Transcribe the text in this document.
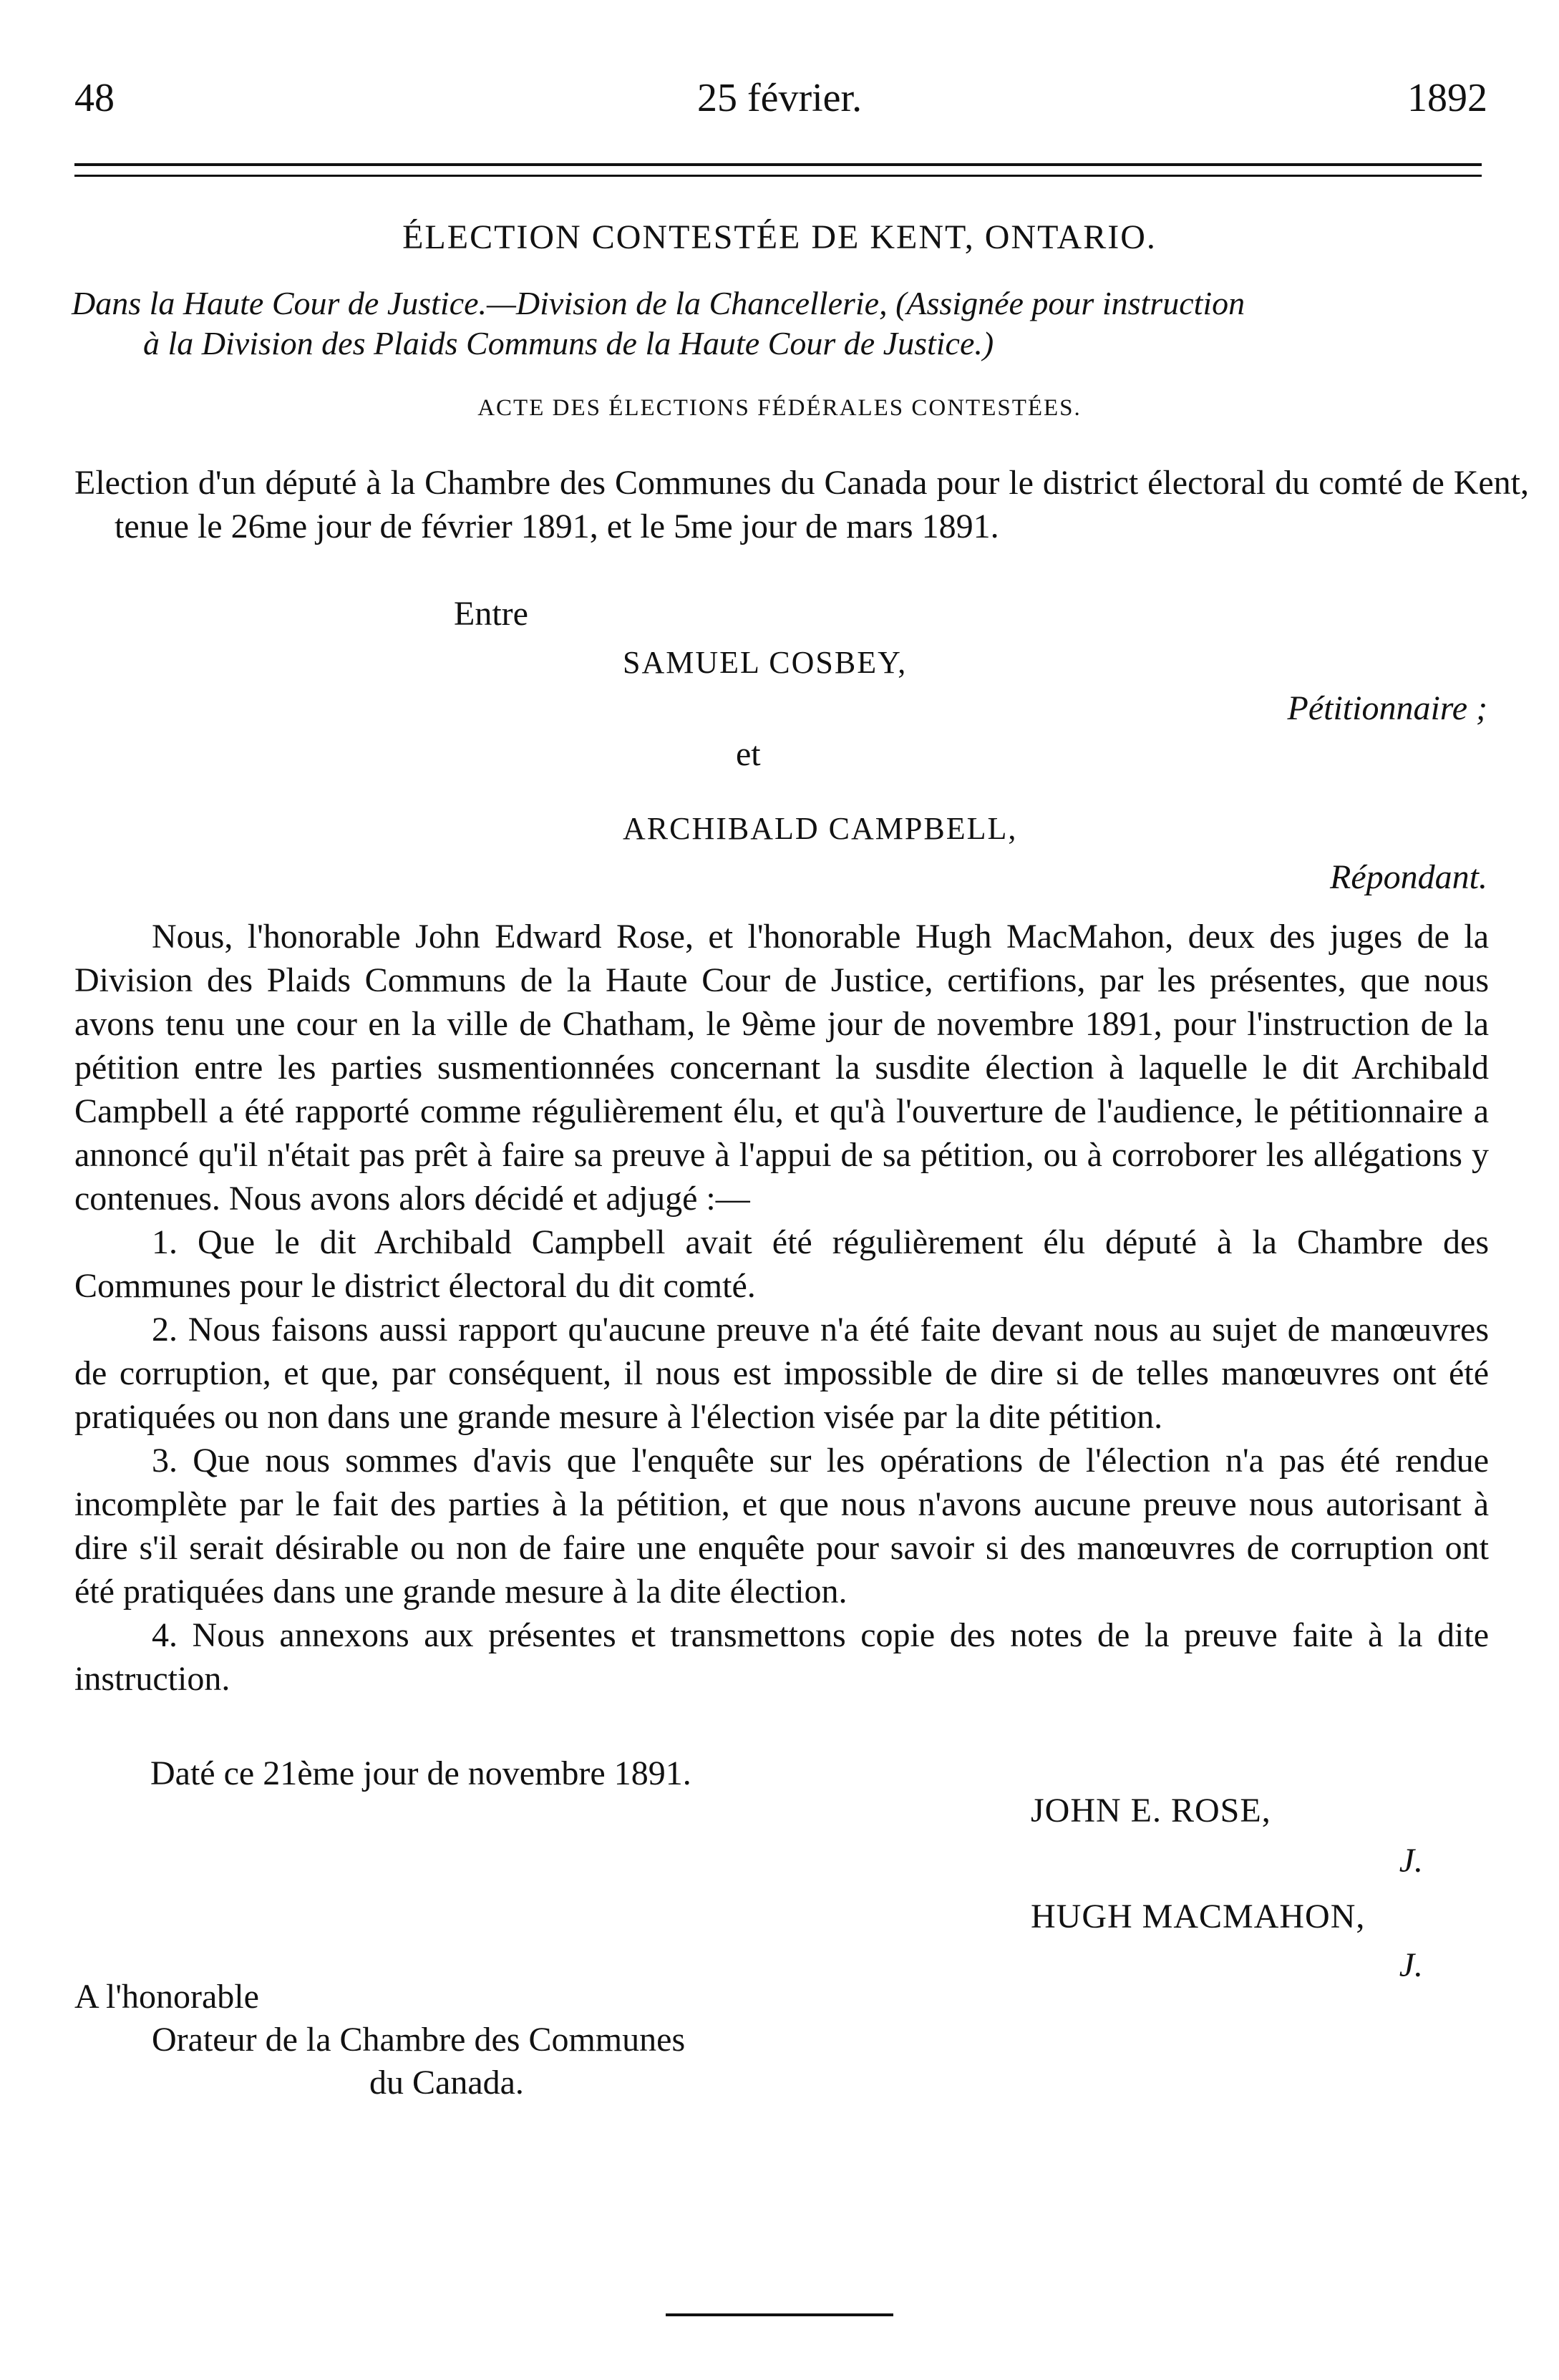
48	25 février.	1892
ÉLECTION CONTESTÉE DE KENT, ONTARIO.
Dans la Haute Cour de Justice.—Division de la Chancellerie, (Assignée pour instruction
à la Division des Plaids Communs de la Haute Cour de Justice.)
ACTE DES ÉLECTIONS FÉDÉRALES CONTESTÉES.
Election d'un député à la Chambre des Communes du Canada pour le district électoral du comté de Kent, tenue le 26me jour de février 1891, et le 5me jour de mars 1891.
Entre
SAMUEL COSBEY,
Pétitionnaire ;
et
ARCHIBALD CAMPBELL,
Répondant.

Nous, l'honorable John Edward Rose, et l'honorable Hugh MacMahon, deux des juges de la Division des Plaids Communs de la Haute Cour de Justice, certifions, par les présentes, que nous avons tenu une cour en la ville de Chatham, le 9ème jour de novembre 1891, pour l'instruction de la pétition entre les parties susmentionnées concernant la susdite élection à laquelle le dit Archibald Campbell a été rapporté comme régulièrement élu, et qu'à l'ouverture de l'audience, le pétitionnaire a annoncé qu'il n'était pas prêt à faire sa preuve à l'appui de sa pétition, ou à corroborer les allégations y contenues. Nous avons alors décidé et adjugé :—

1. Que le dit Archibald Campbell avait été régulièrement élu député à la Chambre des Communes pour le district électoral du dit comté.

2. Nous faisons aussi rapport qu'aucune preuve n'a été faite devant nous au sujet de manœuvres de corruption, et que, par conséquent, il nous est impossible de dire si de telles manœuvres ont été pratiquées ou non dans une grande mesure à l'élection visée par la dite pétition.

3. Que nous sommes d'avis que l'enquête sur les opérations de l'élection n'a pas été rendue incomplète par le fait des parties à la pétition, et que nous n'avons aucune preuve nous autorisant à dire s'il serait désirable ou non de faire une enquête pour savoir si des manœuvres de corruption ont été pratiquées dans une grande mesure à la dite élection.

4. Nous annexons aux présentes et transmettons copie des notes de la preuve faite à la dite instruction.

Daté ce 21ème jour de novembre 1891.
JOHN E. ROSE,
J.
HUGH MACMAHON,
J.
A l'honorable
Orateur de la Chambre des Communes
du Canada.
